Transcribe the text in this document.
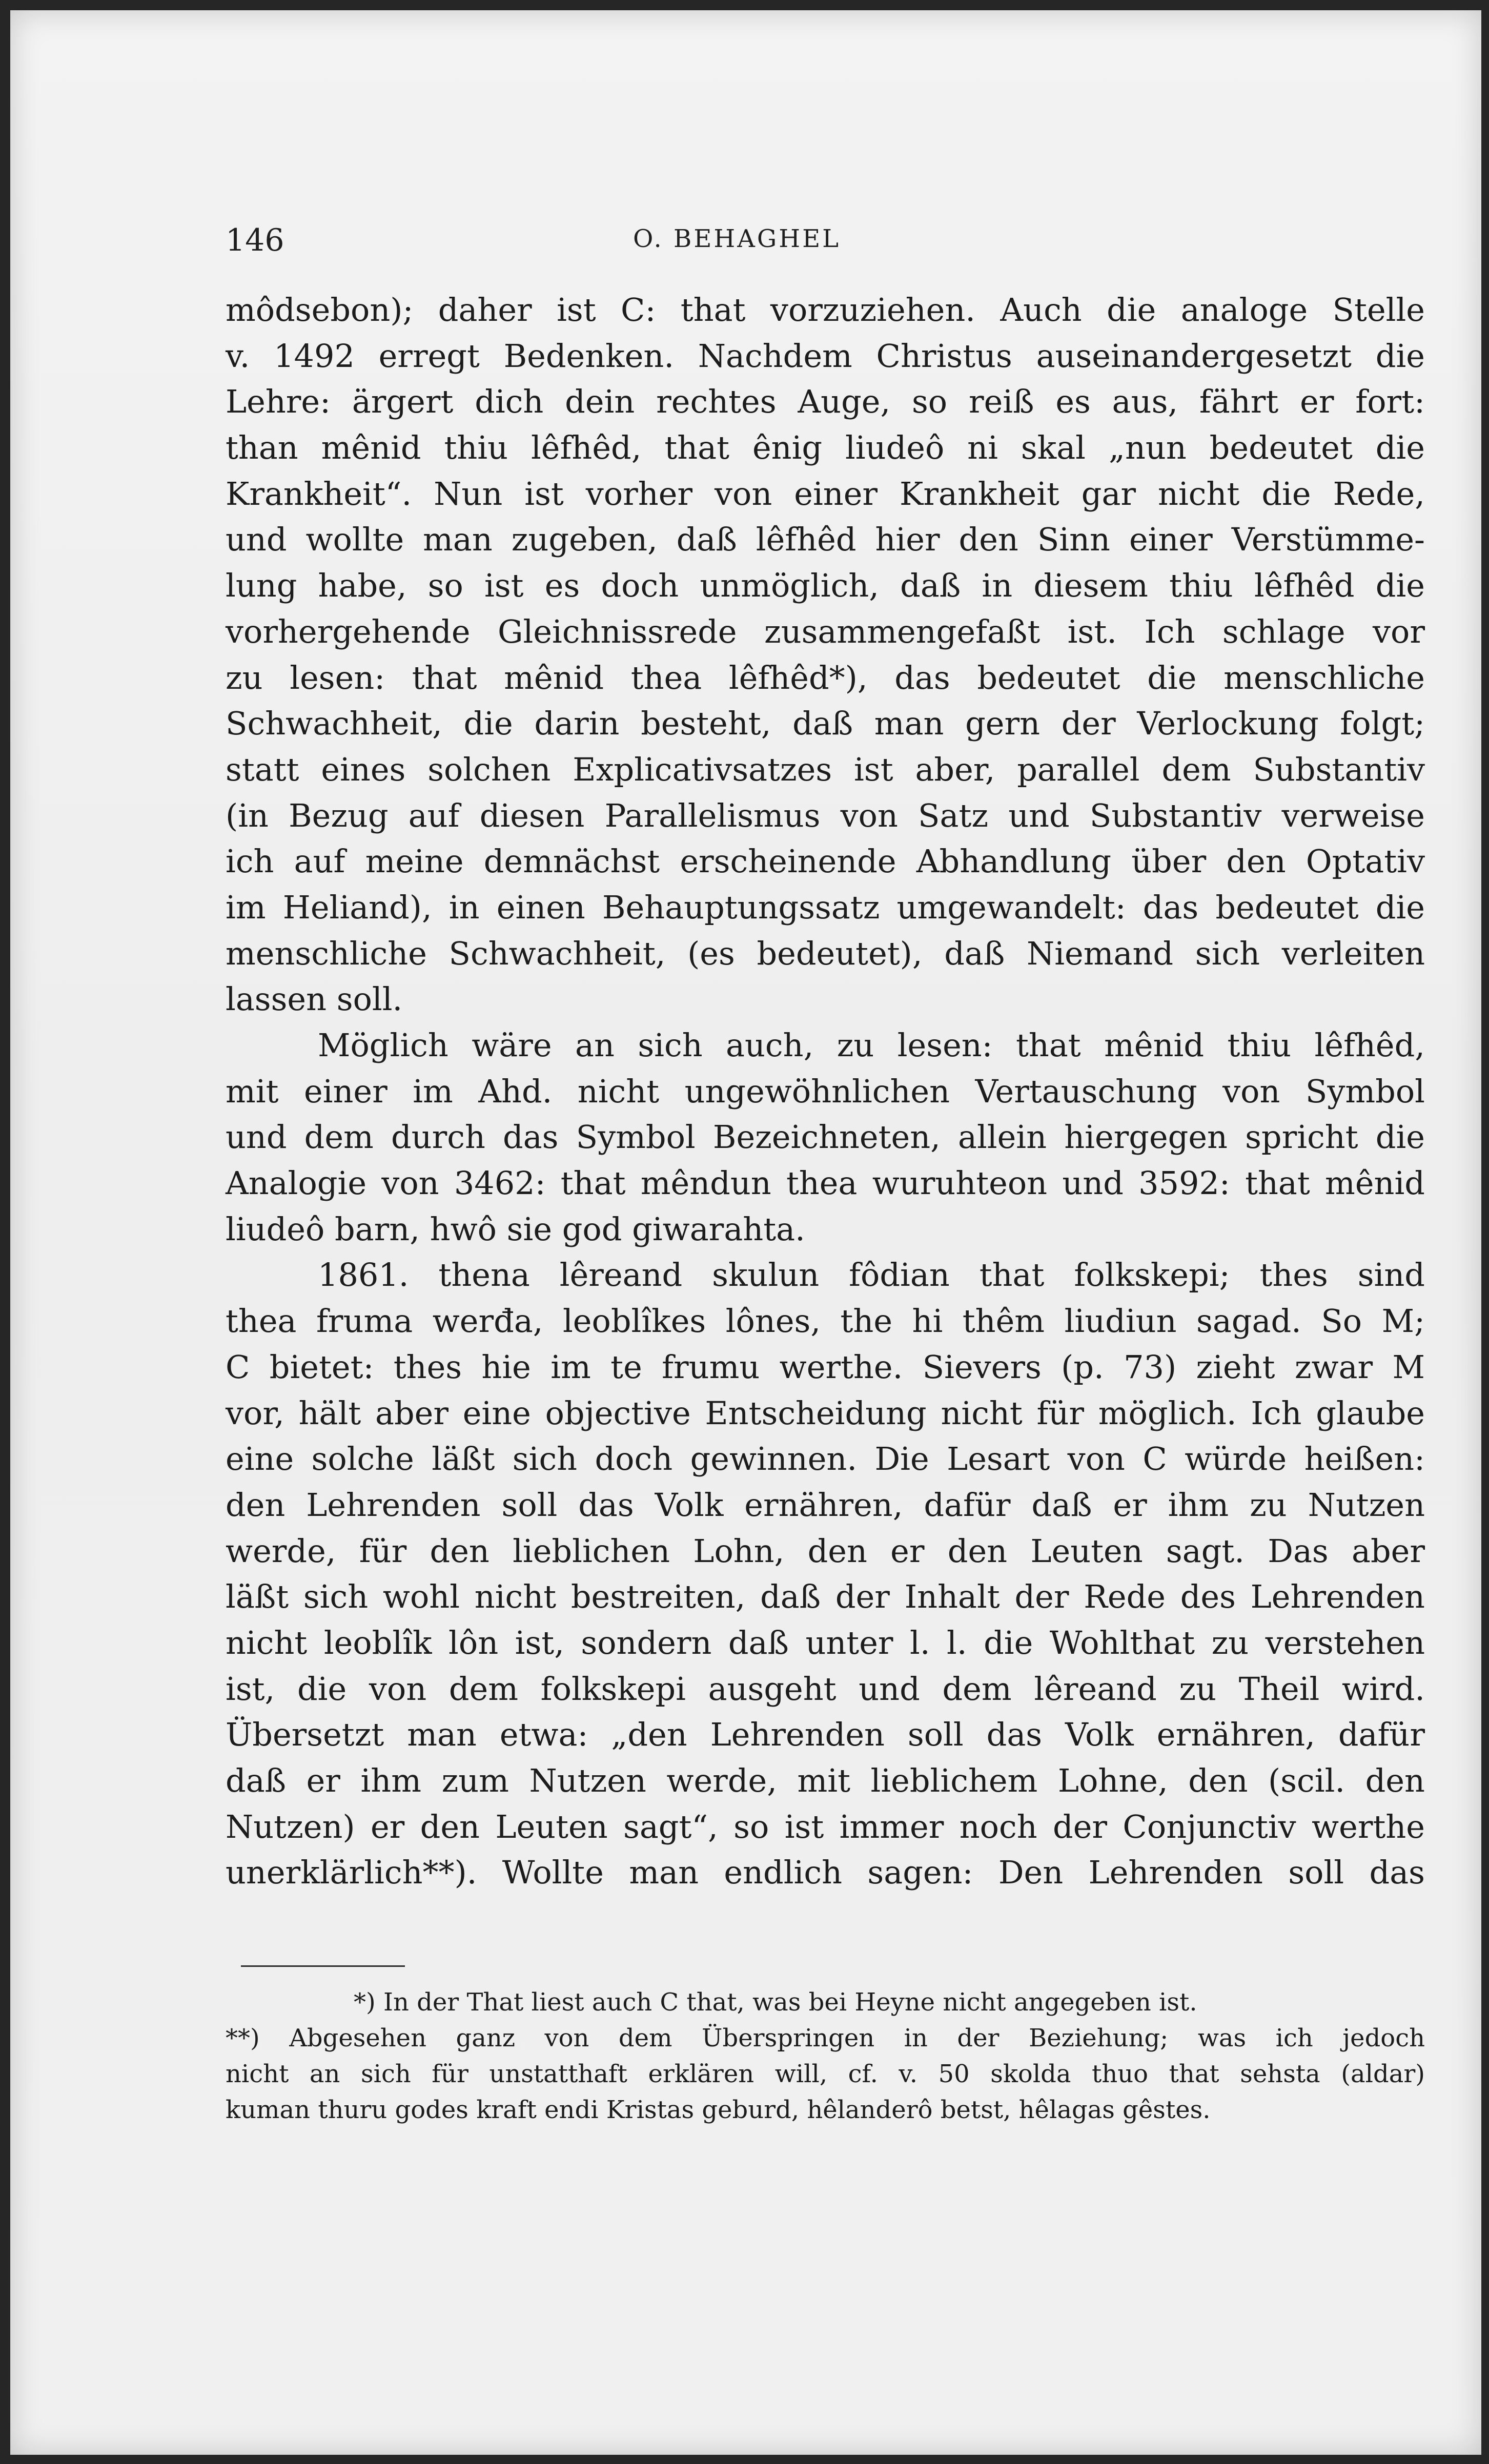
146	O. BEHAGHEL
môdsebon); daher ist C: that vorzuziehen. Auch die analoge Stelle
v. 1492 erregt Bedenken. Nachdem Christus auseinandergesetzt die
Lehre: ärgert dich dein rechtes Auge, so reiß es aus, fährt er fort:
than mênid thiu lêfhêd, that ênig liudeô ni skal „nun bedeutet die
Krankheit“. Nun ist vorher von einer Krankheit gar nicht die Rede,
und wollte man zugeben, daß lêfhêd hier den Sinn einer Verstümme-
lung habe, so ist es doch unmöglich, daß in diesem thiu lêfhêd die
vorhergehende Gleichnissrede zusammengefaßt ist. Ich schlage vor
zu lesen: that mênid thea lêfhêd*), das bedeutet die menschliche
Schwachheit, die darin besteht, daß man gern der Verlockung folgt;
statt eines solchen Explicativsatzes ist aber, parallel dem Substantiv
(in Bezug auf diesen Parallelismus von Satz und Substantiv verweise
ich auf meine demnächst erscheinende Abhandlung über den Optativ
im Heliand), in einen Behauptungssatz umgewandelt: das bedeutet die
menschliche Schwachheit, (es bedeutet), daß Niemand sich verleiten
lassen soll.
Möglich wäre an sich auch, zu lesen: that mênid thiu lêfhêd,
mit einer im Ahd. nicht ungewöhnlichen Vertauschung von Symbol
und dem durch das Symbol Bezeichneten, allein hiergegen spricht die
Analogie von 3462: that mêndun thea wuruhteon und 3592: that mênid
liudeô barn, hwô sie god giwarahta.
1861. thena lêreand skulun fôdian that folkskepi; thes sind
thea fruma werđa, leoblîkes lônes, the hi thêm liudiun sagad. So M;
C bietet: thes hie im te frumu werthe. Sievers (p. 73) zieht zwar M
vor, hält aber eine objective Entscheidung nicht für möglich. Ich glaube
eine solche läßt sich doch gewinnen. Die Lesart von C würde heißen:
den Lehrenden soll das Volk ernähren, dafür daß er ihm zu Nutzen
werde, für den lieblichen Lohn, den er den Leuten sagt. Das aber
läßt sich wohl nicht bestreiten, daß der Inhalt der Rede des Lehrenden
nicht leoblîk lôn ist, sondern daß unter l. l. die Wohlthat zu verstehen
ist, die von dem folkskepi ausgeht und dem lêreand zu Theil wird.
Übersetzt man etwa: „den Lehrenden soll das Volk ernähren, dafür
daß er ihm zum Nutzen werde, mit lieblichem Lohne, den (scil. den
Nutzen) er den Leuten sagt“, so ist immer noch der Conjunctiv werthe
unerklärlich**). Wollte man endlich sagen: Den Lehrenden soll das
*) In der That liest auch C that, was bei Heyne nicht angegeben ist.
**) Abgesehen ganz von dem Überspringen in der Beziehung; was ich jedoch
nicht an sich für unstatthaft erklären will, cf. v. 50 skolda thuo that sehsta (aldar)
kuman thuru godes kraft endi Kristas geburd, hêlanderô betst, hêlagas gêstes.
